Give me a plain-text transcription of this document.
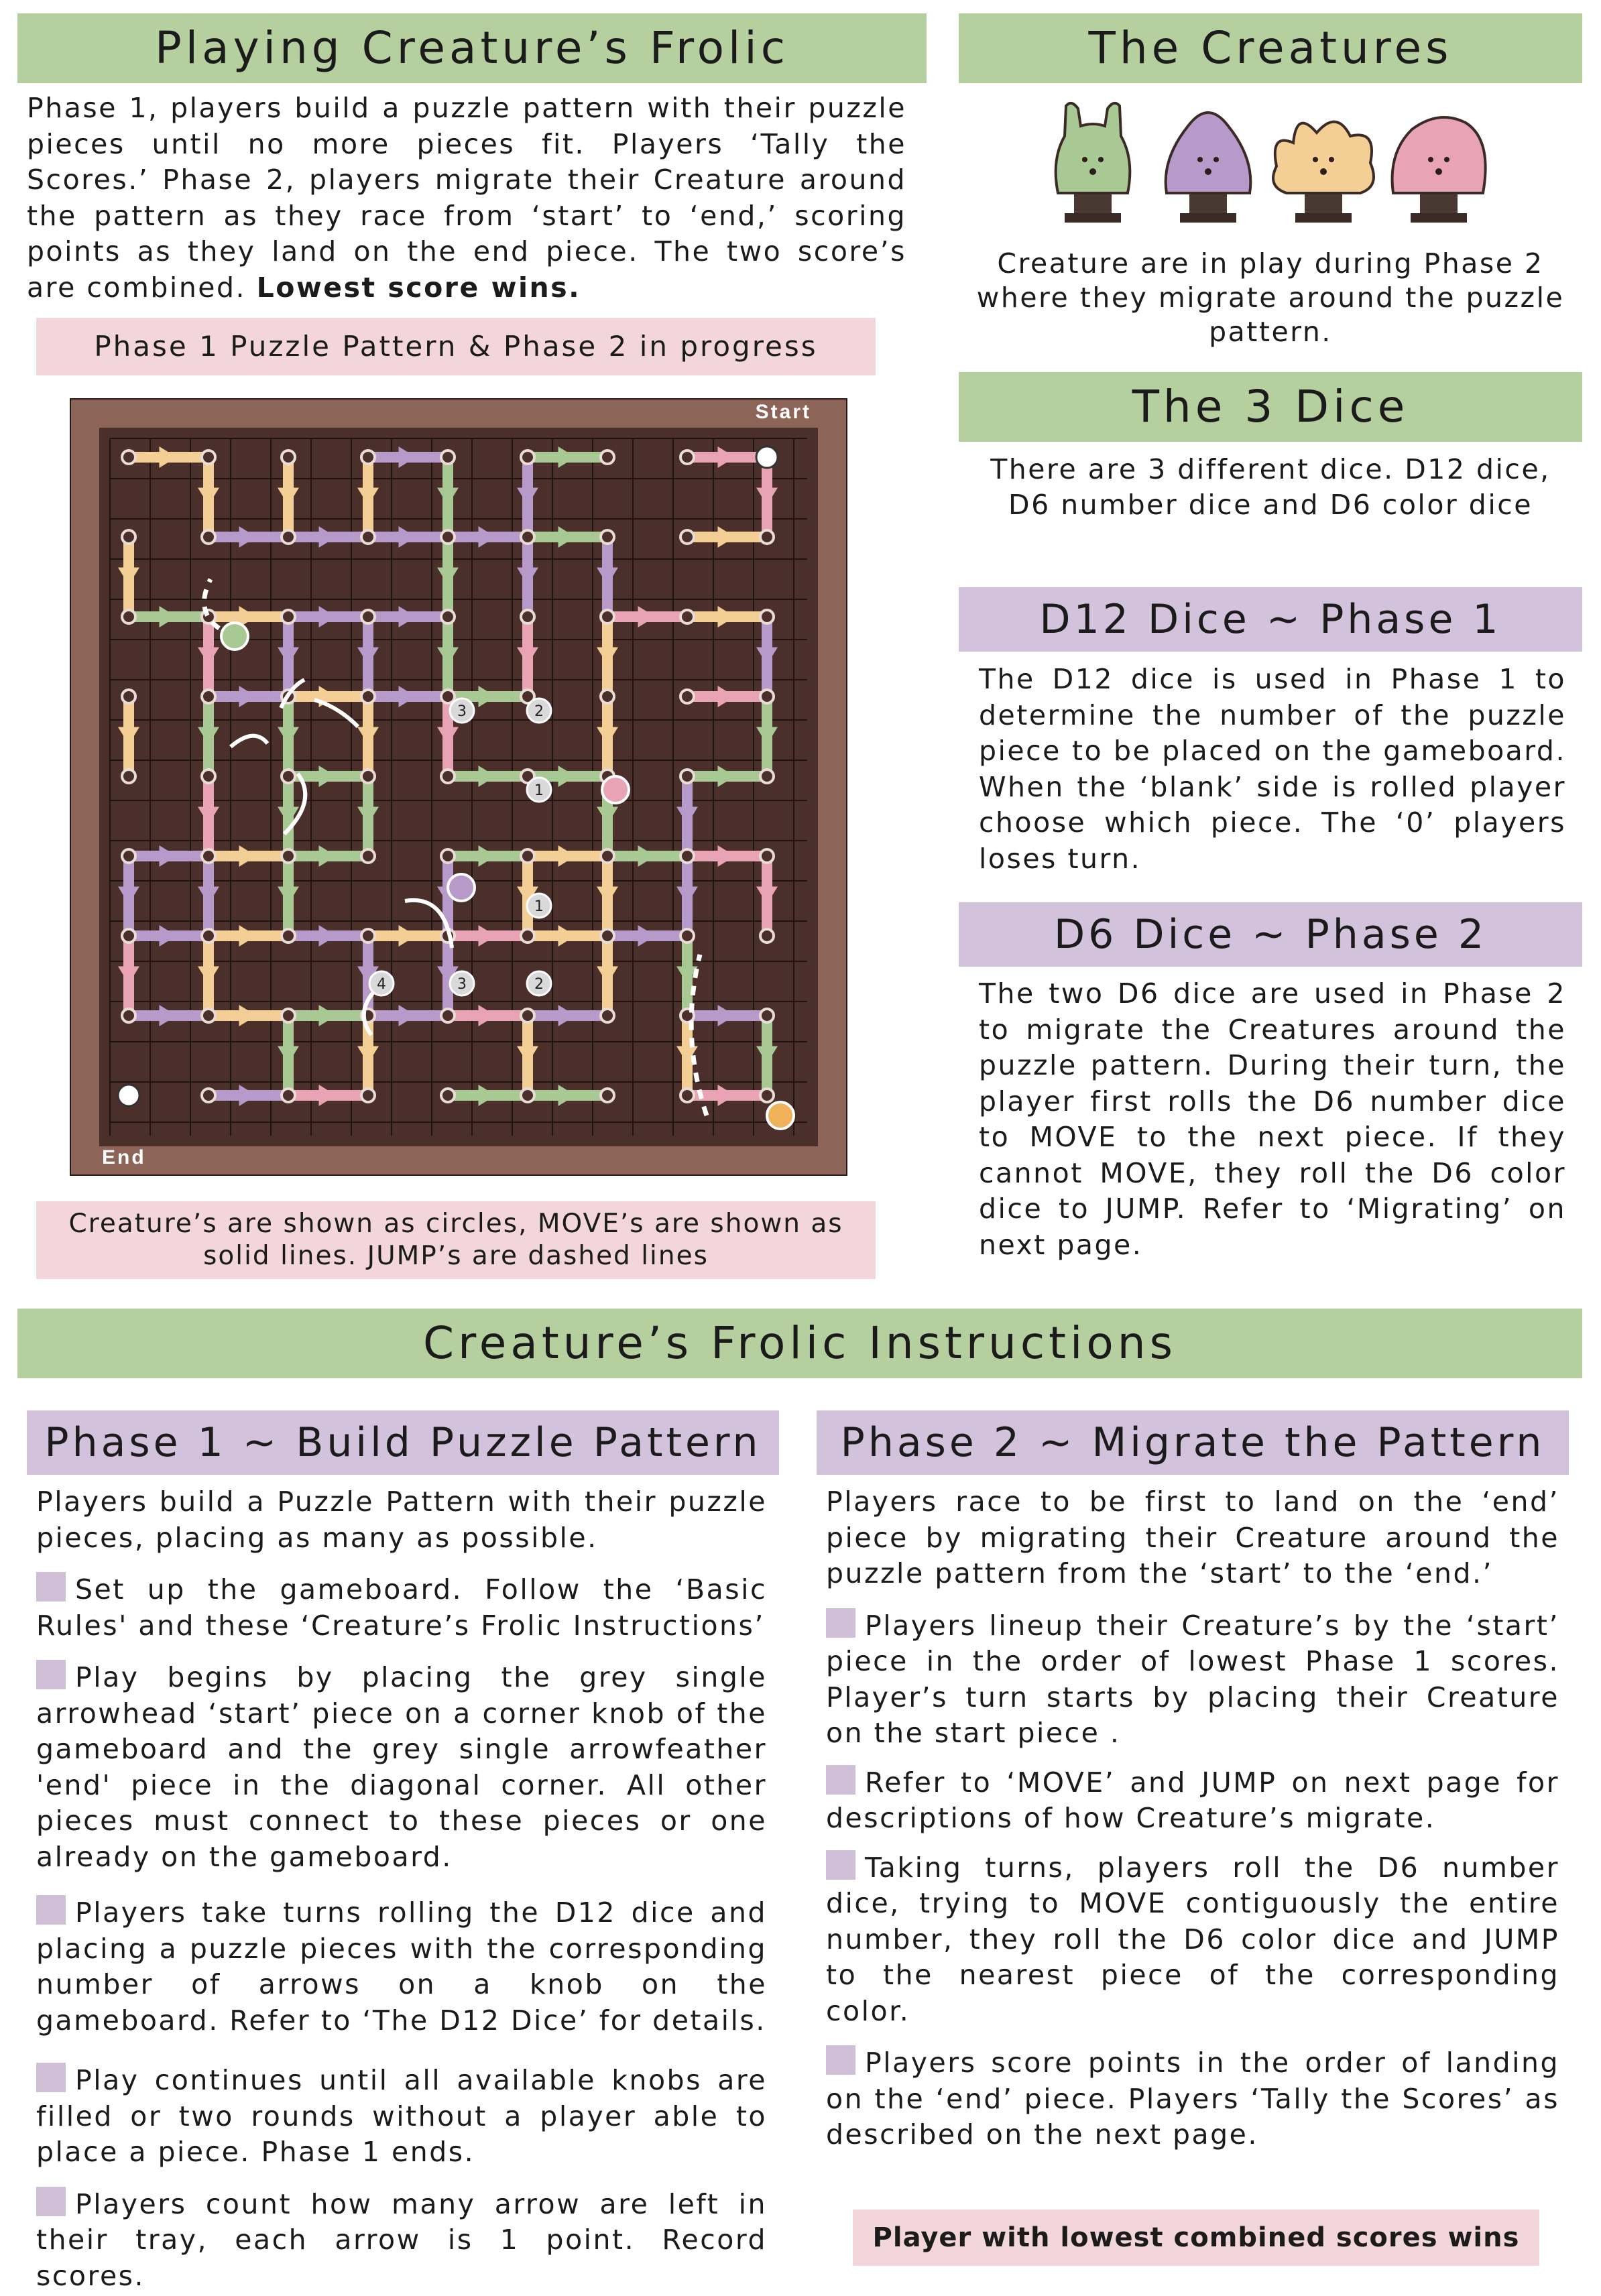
Playing Creature’s Frolic
Phase 1, players build a puzzle pattern with their puzzle pieces until no more pieces fit. Players ‘Tally the Scores.’ Phase 2, players migrate their Creature around the pattern as they race from ‘start’ to ‘end,’ scoring points as they land on the end piece. The two score’s are combined. Lowest score wins.
Phase 1 Puzzle Pattern & Phase 2 in progress
3	2
1
1
4	3	2
Start
End
Creature’s are shown as circles, MOVE’s are shown as solid lines. JUMP’s are dashed lines
The Creatures
Creature are in play during Phase 2 where they migrate around the puzzle pattern.
The 3 Dice
There are 3 different dice. D12 dice, D6 number dice and D6 color dice
D12 Dice ~ Phase 1
The D12 dice is used in Phase 1 to determine the number of the puzzle piece to be placed on the gameboard. When the ‘blank’ side is rolled player choose which piece. The ‘0’ players loses turn.
D6 Dice ~ Phase 2
The two D6 dice are used in Phase 2 to migrate the Creatures around the puzzle pattern. During their turn, the player first rolls the D6 number dice to MOVE to the next piece. If they cannot MOVE, they roll the D6 color dice to JUMP. Refer to ‘Migrating’ on next page.
Creature’s Frolic Instructions
Phase 1 ~ Build Puzzle Pattern

Players build a Puzzle Pattern with their puzzle pieces, placing as many as possible.

Set up the gameboard. Follow the ‘Basic Rules' and these ‘Creature’s Frolic Instructions’

Play begins by placing the grey single arrowhead ‘start’ piece on a corner knob of the gameboard and the grey single arrowfeather 'end' piece in the diagonal corner. All other pieces must connect to these pieces or one already on the gameboard.

Players take turns rolling the D12 dice and placing a puzzle pieces with the corresponding number of arrows on a knob on the gameboard. Refer to ‘The D12 Dice’ for details.

Play continues until all available knobs are filled or two rounds without a player able to place a piece. Phase 1 ends.

Players count how many arrow are left in their tray, each arrow is 1 point. Record scores.

Phase 2 ~ Migrate the Pattern

Players race to be first to land on the ‘end’ piece by migrating their Creature around the puzzle pattern from the ‘start’ to the ‘end.’

Players lineup their Creature’s by the ‘start’ piece in the order of lowest Phase 1 scores. Player’s turn starts by placing their Creature on the start piece .

Refer to ‘MOVE’ and JUMP on next page for descriptions of how Creature’s migrate.

Taking turns, players roll the D6 number dice, trying to MOVE contiguously the entire number, they roll the D6 color dice and JUMP to the nearest piece of the corresponding color.

Players score points in the order of landing on the ‘end’ piece. Players ‘Tally the Scores’ as described on the next page.

Player with lowest combined scores wins
